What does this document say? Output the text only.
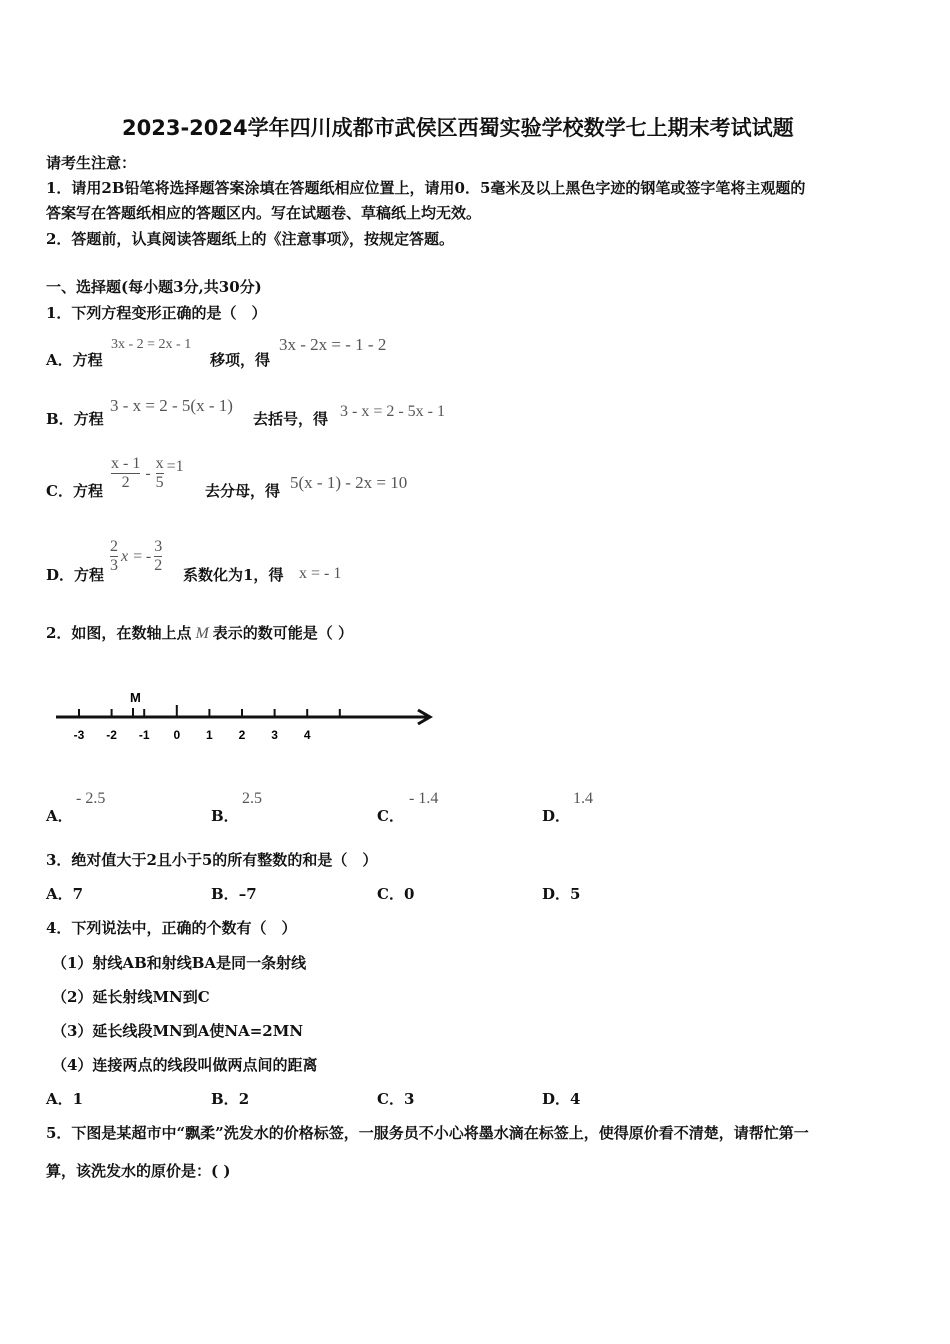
2023-2024学年四川成都市武侯区西蜀实验学校数学七上期末考试试题
请考生注意：
1．请用2B铅笔将选择题答案涂填在答题纸相应位置上，请用0．5毫米及以上黑色字迹的钢笔或签字笔将主观题的
答案写在答题纸相应的答题区内。写在试题卷、草稿纸上均无效。
2．答题前，认真阅读答题纸上的《注意事项》，按规定答题。
一、选择题(每小题3分,共30分)
1．下列方程变形正确的是（　）
A．方程
3x - 2 = 2x - 1
移项，得
3x - 2x = - 1 - 2
B．方程
3 - x = 2 - 5(x - 1)
去括号，得 3 - x = 2 - 5x - 1
C．方程 $\frac{x - 1}{2} - \frac{x}{5} =1$
去分母，得 5(x - 1) - 2x = 10
D．方程 $\frac{2}{3}$ x = - $\frac{3}{2}$ 系数化为1，得 x = - 1
2．如图，在数轴上点 M 表示的数可能是（ ）
-3 -2 -1 0 1 2 3 4
M
A．
- 2.5
B．
2.5
C．
- 1.4
D．
1.4
3．绝对值大于2且小于5的所有整数的和是（　）
A．7	B．–7	C．0	D．5
4．下列说法中，正确的个数有（　）
（1）射线AB和射线BA是同一条射线
（2）延长射线MN到C
（3）延长线段MN到A使NA=2MN
（4）连接两点的线段叫做两点间的距离
A．1	B．2	C．3	D．4
5．下图是某超市中“飘柔”洗发水的价格标签，一服务员不小心将墨水滴在标签上，使得原价看不清楚，请帮忙第一
算，该洗发水的原价是：( )
